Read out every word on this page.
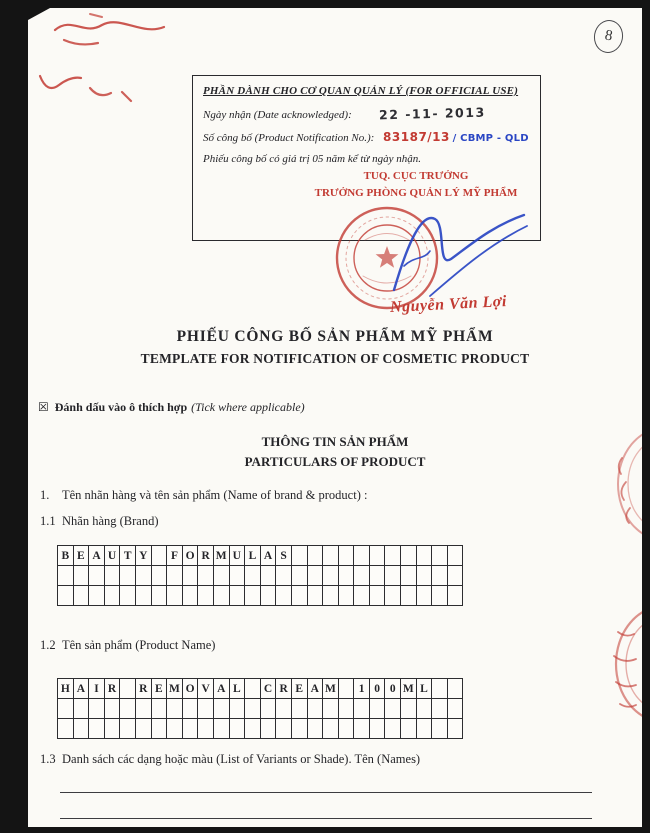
8
PHẦN DÀNH CHO CƠ QUAN QUẢN LÝ (FOR OFFICIAL USE)
Ngày nhận (Date acknowledged): 22 -11- 2013
Số công bố (Product Notification No.): 83187/13 / CBMP - QLD
Phiếu công bố có giá trị 05 năm kể từ ngày nhận.
TUQ. CỤC TRƯỞNG
TRƯỞNG PHÒNG QUẢN LÝ MỸ PHẨM
Nguyễn Văn Lợi
PHIẾU CÔNG BỐ SẢN PHẨM MỸ PHẨM
TEMPLATE FOR NOTIFICATION OF COSMETIC PRODUCT
☒ Đánh dấu vào ô thích hợp (Tick where applicable)
THÔNG TIN SẢN PHẨM
PARTICULARS OF PRODUCT
1. Tên nhãn hàng và tên sản phẩm (Name of brand & product) :
1.1 Nhãn hàng (Brand)
B E A U T Y	F O R M U L A S
1.2 Tên sản phẩm (Product Name)
H A I R	R E M O V A L	C R E A M	1 0 0 M L
1.3 Danh sách các dạng hoặc màu (List of Variants or Shade). Tên (Names)
